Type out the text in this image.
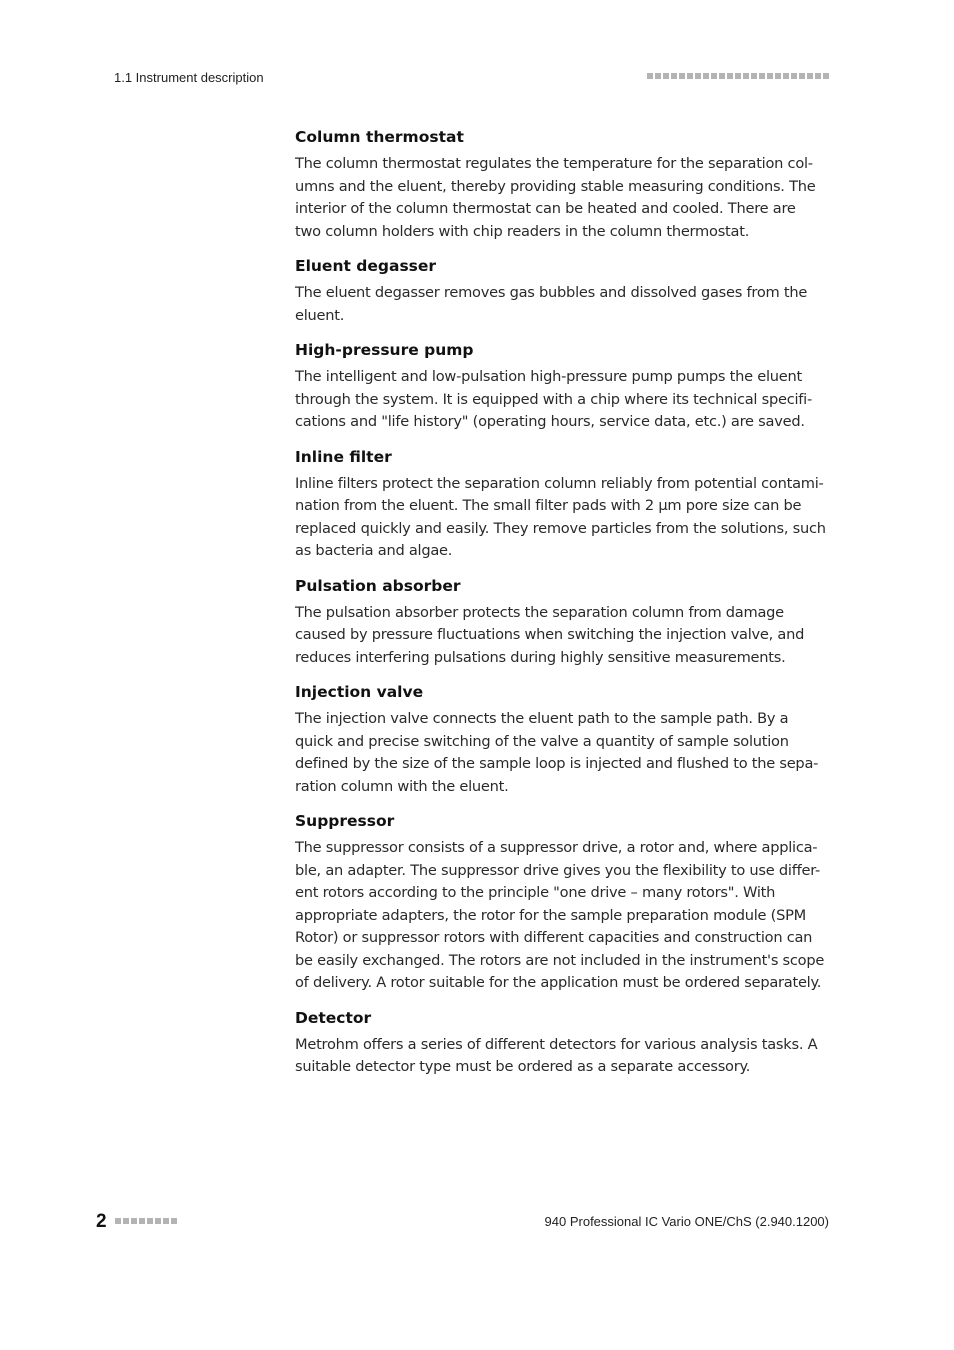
1.1 Instrument description
Column thermostat

The column thermostat regulates the temperature for the separation col-
umns and the eluent, thereby providing stable measuring conditions. The
interior of the column thermostat can be heated and cooled. There are
two column holders with chip readers in the column thermostat.

Eluent degasser

The eluent degasser removes gas bubbles and dissolved gases from the
eluent.

High-pressure pump

The intelligent and low-pulsation high-pressure pump pumps the eluent
through the system. It is equipped with a chip where its technical specifi-
cations and "life history" (operating hours, service data, etc.) are saved.

Inline filter

Inline filters protect the separation column reliably from potential contami-
nation from the eluent. The small filter pads with 2 µm pore size can be
replaced quickly and easily. They remove particles from the solutions, such
as bacteria and algae.

Pulsation absorber

The pulsation absorber protects the separation column from damage
caused by pressure fluctuations when switching the injection valve, and
reduces interfering pulsations during highly sensitive measurements.

Injection valve

The injection valve connects the eluent path to the sample path. By a
quick and precise switching of the valve a quantity of sample solution
defined by the size of the sample loop is injected and flushed to the sepa-
ration column with the eluent.

Suppressor

The suppressor consists of a suppressor drive, a rotor and, where applica-
ble, an adapter. The suppressor drive gives you the flexibility to use differ-
ent rotors according to the principle "one drive – many rotors". With
appropriate adapters, the rotor for the sample preparation module (SPM
Rotor) or suppressor rotors with different capacities and construction can
be easily exchanged. The rotors are not included in the instrument's scope
of delivery. A rotor suitable for the application must be ordered separately.

Detector

Metrohm offers a series of different detectors for various analysis tasks. A
suitable detector type must be ordered as a separate accessory.

2	940 Professional IC Vario ONE/ChS (2.940.1200)
